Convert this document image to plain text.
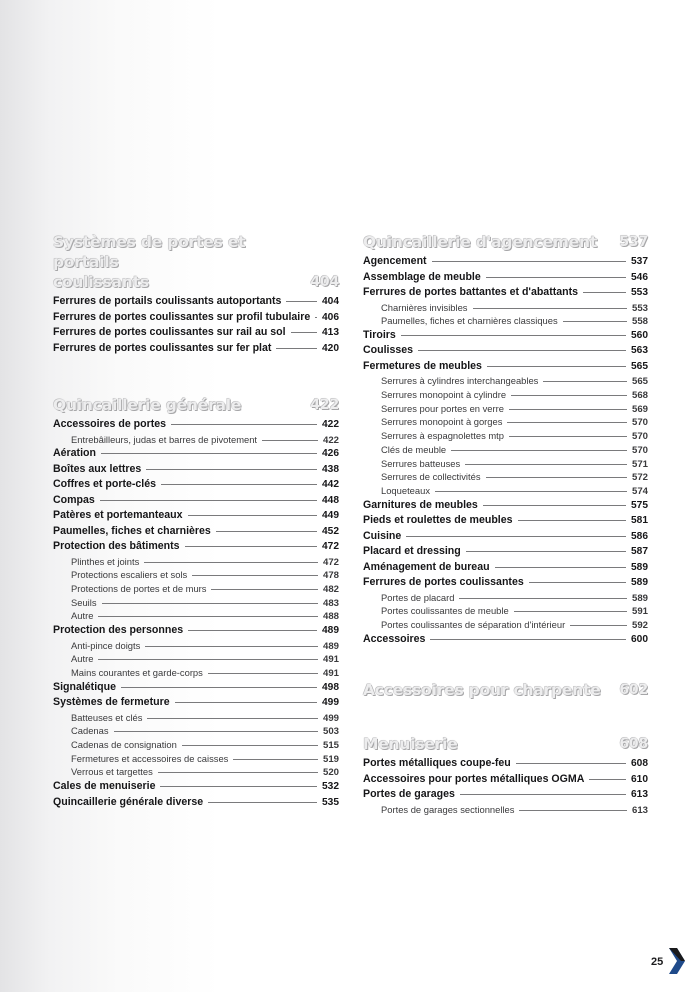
Systèmes de portes et portails
coulissants	404
Ferrures de portails coulissants autoportants	404
Ferrures de portes coulissantes sur profil tubulaire 406
Ferrures de portes coulissantes sur rail au sol	413
Ferrures de portes coulissantes sur fer plat	420
Quincaillerie générale	422
Accessoires de portes	422
Entrebâilleurs, judas et barres de pivotement	422
Aération	426
Boîtes aux lettres	438
Coffres et porte-clés	442
Compas	448
Patères et portemanteaux	449
Paumelles, fiches et charnières	452
Protection des bâtiments	472
Plinthes et joints	472
Protections escaliers et sols	478
Protections de portes et de murs	482
Seuils	483
Autre	488
Protection des personnes	489
Anti-pince doigts	489
Autre	491
Mains courantes et garde-corps	491
Signalétique	498
Systèmes de fermeture	499
Batteuses et clés	499
Cadenas	503
Cadenas de consignation	515
Fermetures et accessoires de caisses	519
Verrous et targettes	520
Cales de menuiserie	532
Quincaillerie générale diverse	535
Quincaillerie d'agencement 537
Agencement	537
Assemblage de meuble	546
Ferrures de portes battantes et d'abattants	553
Charnières invisibles	553
Paumelles, fiches et charnières classiques	558
Tiroirs	560
Coulisses	563
Fermetures de meubles	565
Serrures à cylindres interchangeables	565
Serrures monopoint à cylindre	568
Serrures pour portes en verre	569
Serrures monopoint à gorges	570
Serrures à espagnolettes mtp	570
Clés de meuble	570
Serrures batteuses	571
Serrures de collectivités	572
Loqueteaux	574
Garnitures de meubles	575
Pieds et roulettes de meubles	581
Cuisine	586
Placard et dressing	587
Aménagement de bureau	589
Ferrures de portes coulissantes	589
Portes de placard	589
Portes coulissantes de meuble	591
Portes coulissantes de séparation d'intérieur	592
Accessoires	600
Accessoires pour charpente 602
Menuiserie	608
Portes métalliques coupe-feu	608
Accessoires pour portes métalliques OGMA	610
Portes de garages	613
Portes de garages sectionnelles	613
25
